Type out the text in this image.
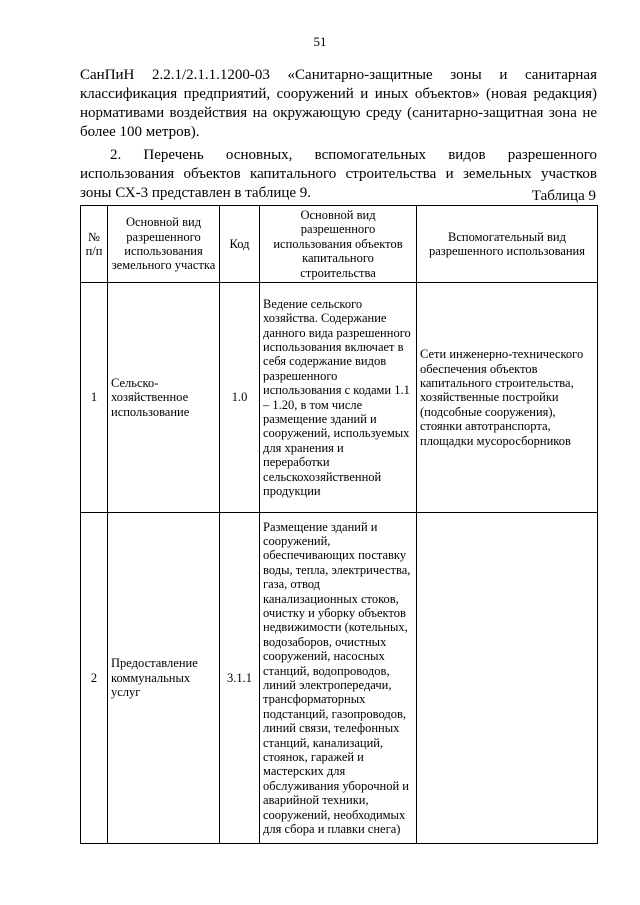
51

СанПиН 2.2.1/2.1.1.1200-03 «Санитарно-защитные зоны и санитарная классификация предприятий, сооружений и иных объектов» (новая редакция) нормативами воздействия на окружающую среду (санитарно-защитная зона не более 100 метров).

2. Перечень основных, вспомогательных видов разрешенного использования объектов капитального строительства и земельных участков зоны СХ-3 представлен в таблице 9.	Таблица 9
№ п/п	Основной вид разрешенного использования земельного участка	Код	Основной вид разрешенного использования объектов капитального строительства	Вспомогательный вид разрешенного использования
1	Сельско-хозяйственное использование	1.0	Ведение сельского хозяйства. Содержание данного вида разрешенного использования включает в себя содержание видов разрешенного использования с кодами 1.1 – 1.20, в том числе размещение зданий и сооружений, используемых для хранения и переработки сельскохозяйственной продукции	Сети инженерно-технического обеспечения объектов капитального строительства, хозяйственные постройки (подсобные сооружения), стоянки автотранспорта, площадки мусоросборников
2	Предоставление коммунальных услуг	3.1.1	Размещение зданий и сооружений, обеспечивающих поставку воды, тепла, электричества, газа, отвод канализационных стоков, очистку и уборку объектов недвижимости (котельных, водозаборов, очистных сооружений, насосных станций, водопроводов, линий электропередачи, трансформаторных подстанций, газопроводов, линий связи, телефонных станций, канализаций, стоянок, гаражей и мастерских для обслуживания уборочной и аварийной техники, сооружений, необходимых для сбора и плавки снега)	
